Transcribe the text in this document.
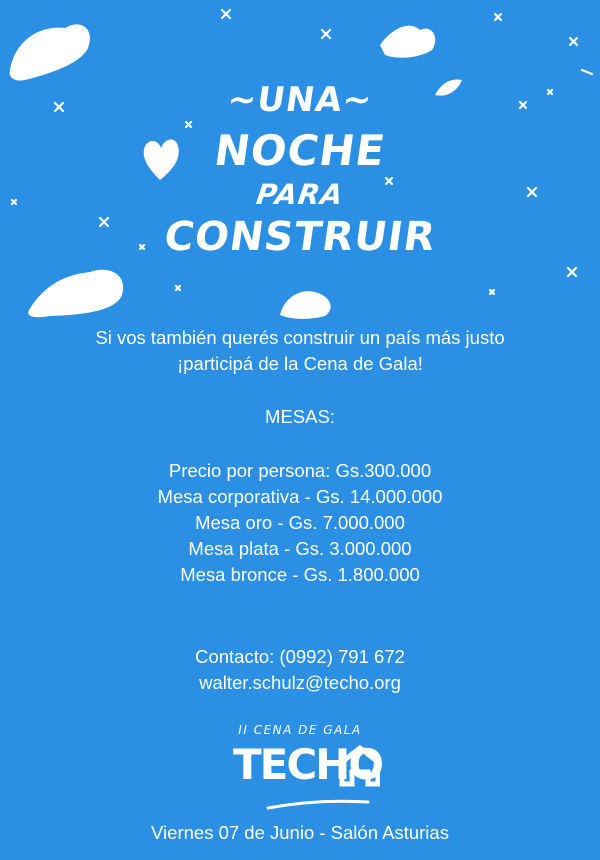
~UNA~
NOCHE
PARA
CONSTRUIR
Si vos también querés construir un país más justo
¡participá de la Cena de Gala!
MESAS:
Precio por persona: Gs.300.000
Mesa corporativa - Gs. 14.000.000
Mesa oro - Gs. 7.000.000
Mesa plata - Gs. 3.000.000
Mesa bronce - Gs. 1.800.000
Contacto: (0992) 791 672
walter.schulz@techo.org
II CENA DE GALA
TECHO
Viernes 07 de Junio - Salón Asturias
